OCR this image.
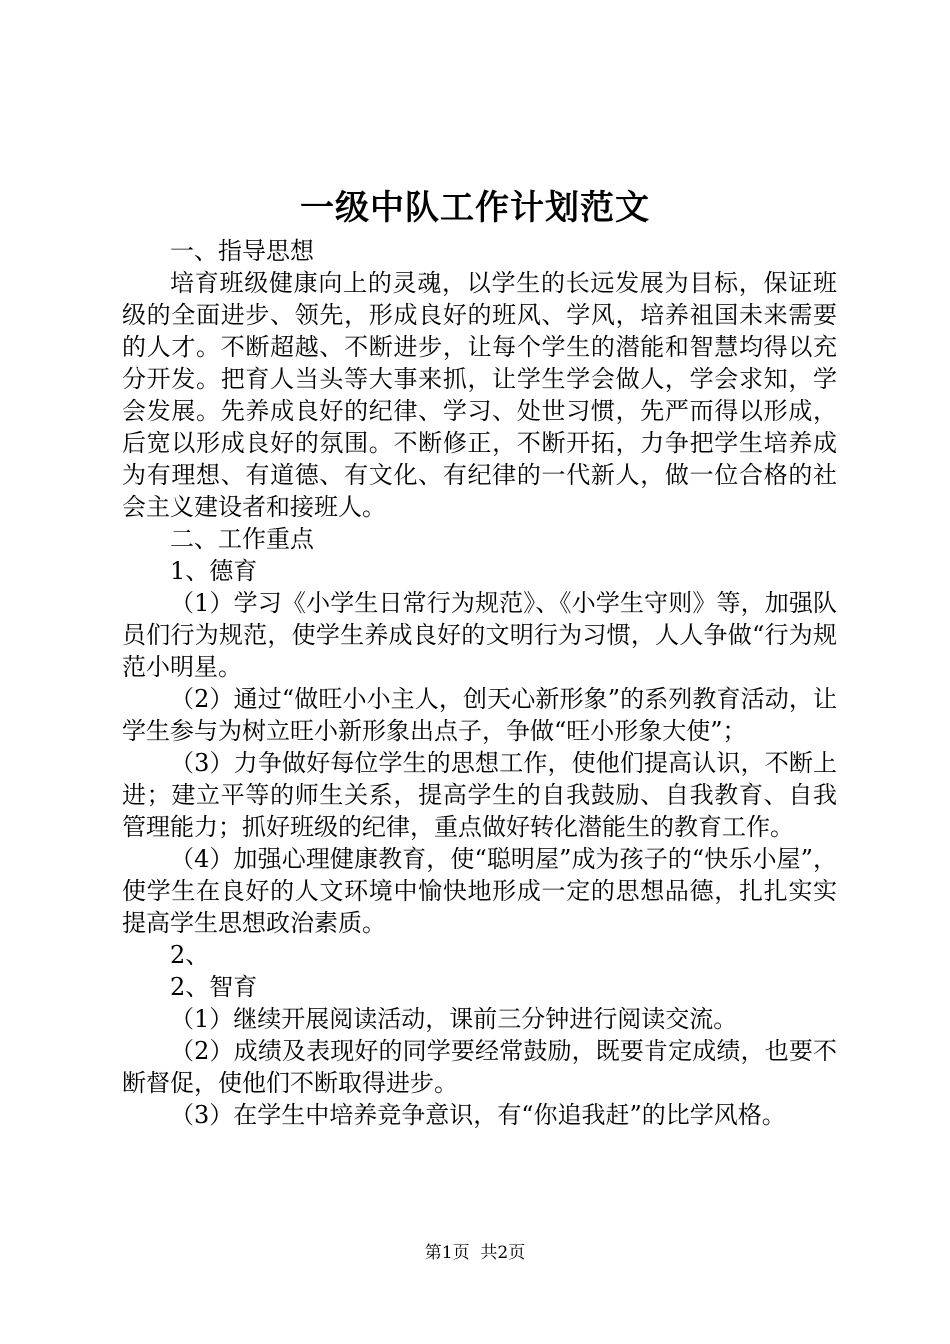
一级中队工作计划范文

一、指导思想

培育班级健康向上的灵魂，以学生的长远发展为目标，保证班级的全面进步、领先，形成良好的班风、学风，培养祖国未来需要的人才。不断超越、不断进步，让每个学生的潜能和智慧均得以充分开发。把育人当头等大事来抓，让学生学会做人，学会求知，学会发展。先养成良好的纪律、学习、处世习惯，先严而得以形成，后宽以形成良好的氛围。不断修正，不断开拓，力争把学生培养成为有理想、有道德、有文化、有纪律的一代新人，做一位合格的社会主义建设者和接班人。

二、工作重点

1、德育

（1）学习《小学生日常行为规范》、《小学生守则》等，加强队员们行为规范，使学生养成良好的文明行为习惯，人人争做“行为规范小明星。

（2）通过“做旺小小主人，创天心新形象”的系列教育活动，让学生参与为树立旺小新形象出点子，争做“旺小形象大使”；

（3）力争做好每位学生的思想工作，使他们提高认识，不断上进；建立平等的师生关系，提高学生的自我鼓励、自我教育、自我管理能力；抓好班级的纪律，重点做好转化潜能生的教育工作。

（4）加强心理健康教育，使“聪明屋”成为孩子的“快乐小屋”，使学生在良好的人文环境中愉快地形成一定的思想品德，扎扎实实提高学生思想政治素质。

2、

2、智育

（1）继续开展阅读活动，课前三分钟进行阅读交流。

（2）成绩及表现好的同学要经常鼓励，既要肯定成绩，也要不断督促，使他们不断取得进步。

（3）在学生中培养竞争意识，有“你追我赶”的比学风格。

第1页  共2页
